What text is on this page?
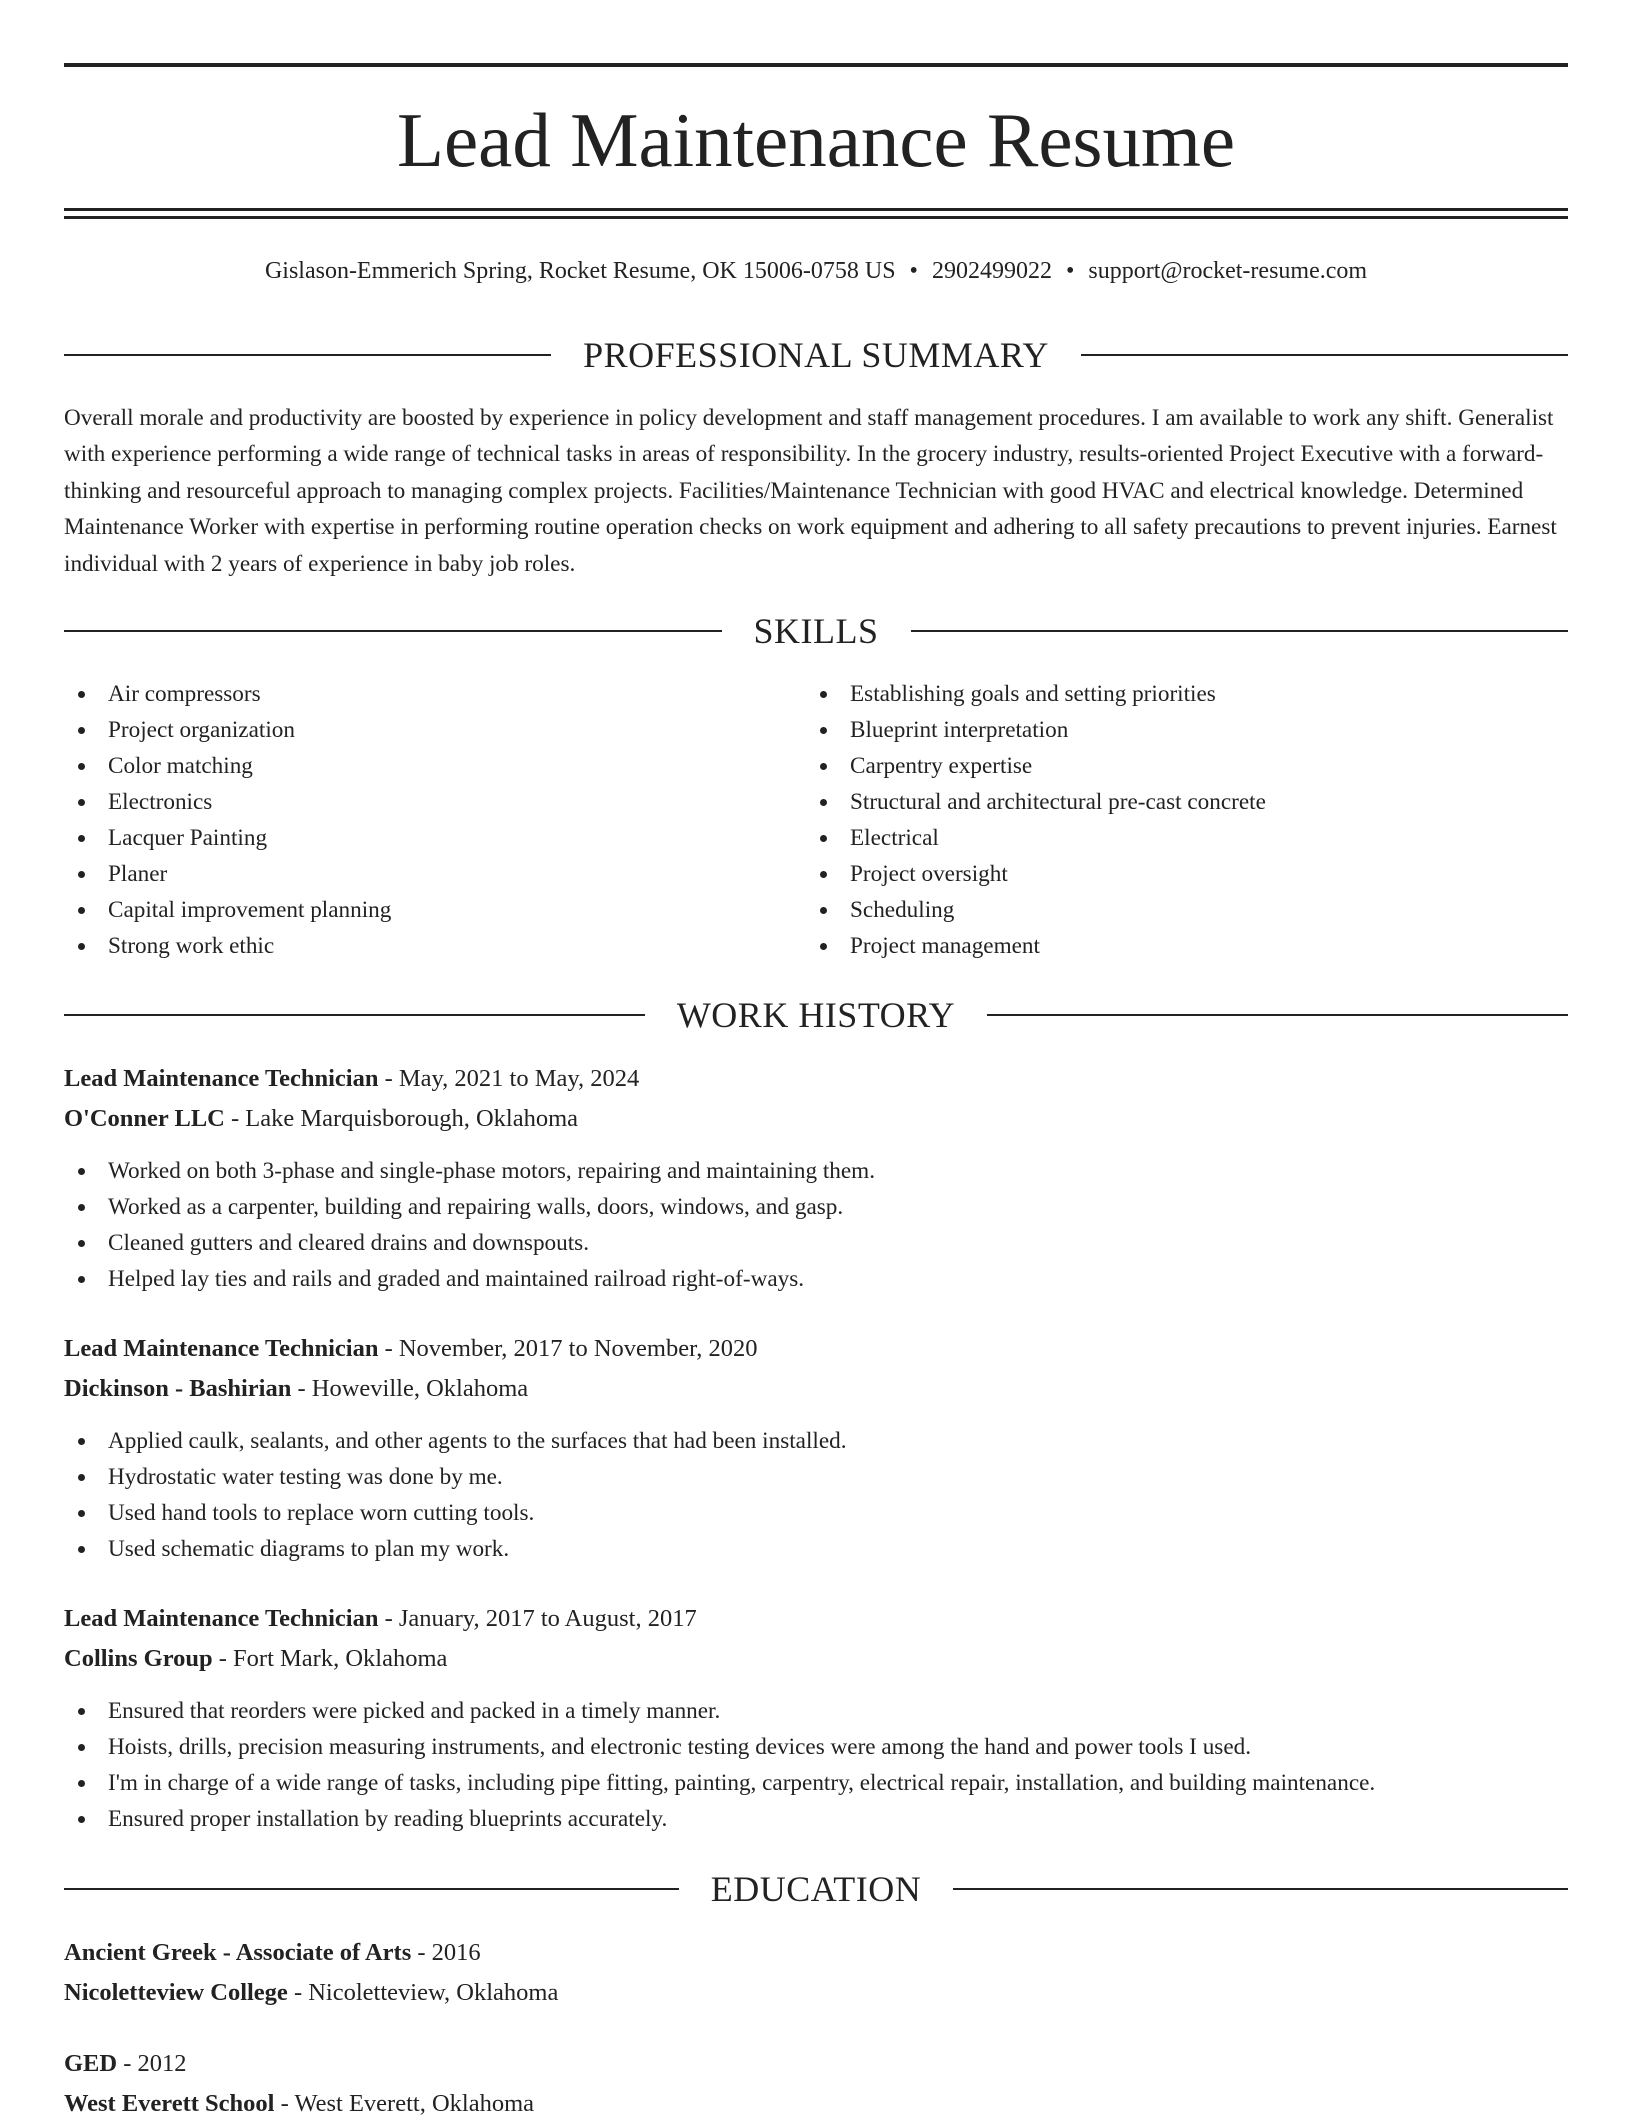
Lead Maintenance Resume
Gislason-Emmerich Spring, Rocket Resume, OK 15006-0758 US • 2902499022 • support@rocket-resume.com
PROFESSIONAL SUMMARY

Overall morale and productivity are boosted by experience in policy development and staff management procedures. I am available to work any shift. Generalist with experience performing a wide range of technical tasks in areas of responsibility. In the grocery industry, results-oriented Project Executive with a forward-thinking and resourceful approach to managing complex projects. Facilities/Maintenance Technician with good HVAC and electrical knowledge. Determined Maintenance Worker with expertise in performing routine operation checks on work equipment and adhering to all safety precautions to prevent injuries. Earnest individual with 2 years of experience in baby job roles.

SKILLS
Air compressors
Project organization
Color matching
Electronics
Lacquer Painting
Planer
Capital improvement planning
Strong work ethic
Establishing goals and setting priorities
Blueprint interpretation
Carpentry expertise
Structural and architectural pre-cast concrete
Electrical
Project oversight
Scheduling
Project management
WORK HISTORY
Lead Maintenance Technician - May, 2021 to May, 2024
O'Conner LLC - Lake Marquisborough, Oklahoma
Worked on both 3-phase and single-phase motors, repairing and maintaining them.
Worked as a carpenter, building and repairing walls, doors, windows, and gasp.
Cleaned gutters and cleared drains and downspouts.
Helped lay ties and rails and graded and maintained railroad right-of-ways.
Lead Maintenance Technician - November, 2017 to November, 2020
Dickinson - Bashirian - Howeville, Oklahoma
Applied caulk, sealants, and other agents to the surfaces that had been installed.
Hydrostatic water testing was done by me.
Used hand tools to replace worn cutting tools.
Used schematic diagrams to plan my work.
Lead Maintenance Technician - January, 2017 to August, 2017
Collins Group - Fort Mark, Oklahoma
Ensured that reorders were picked and packed in a timely manner.
Hoists, drills, precision measuring instruments, and electronic testing devices were among the hand and power tools I used.
I'm in charge of a wide range of tasks, including pipe fitting, painting, carpentry, electrical repair, installation, and building maintenance.
Ensured proper installation by reading blueprints accurately.
EDUCATION
Ancient Greek - Associate of Arts - 2016
Nicoletteview College - Nicoletteview, Oklahoma
GED - 2012
West Everett School - West Everett, Oklahoma
